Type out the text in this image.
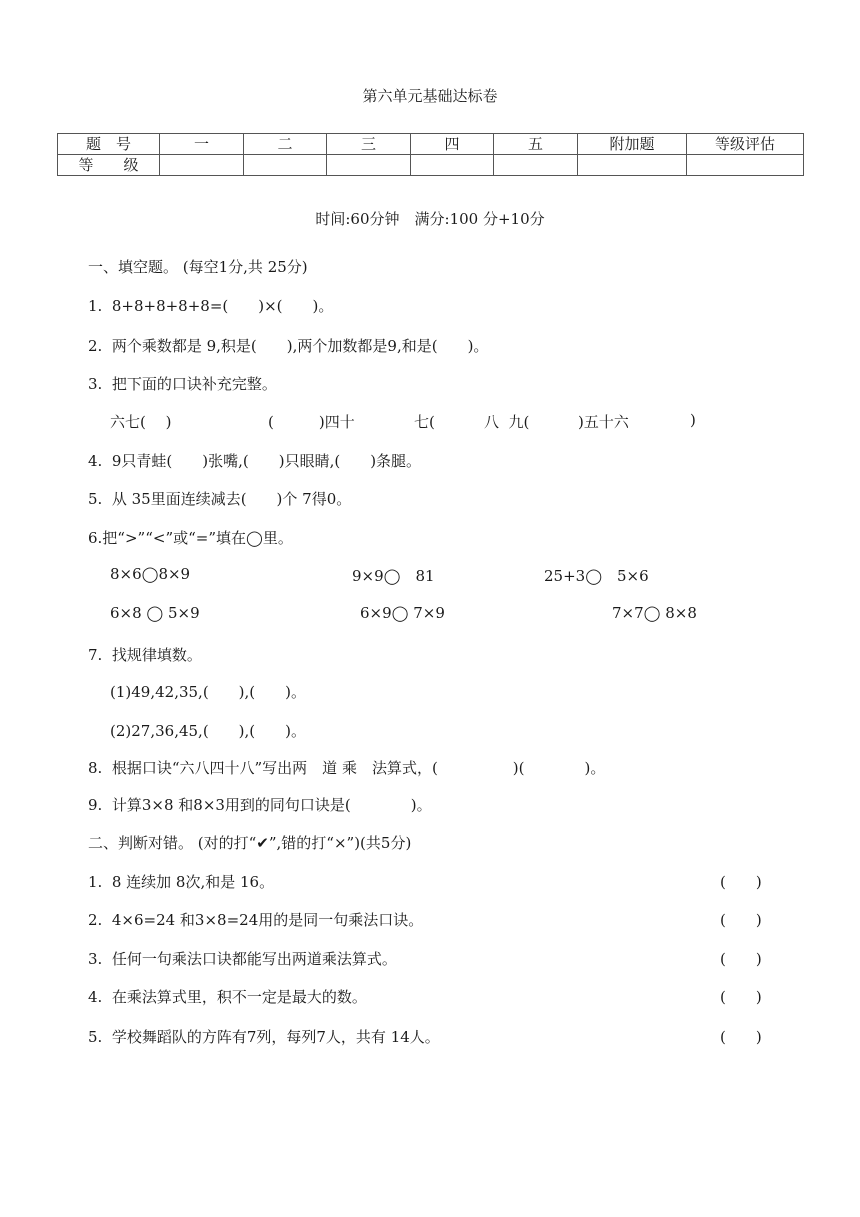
第六单元基础达标卷
题　号	一	二	三	四	五	附加题	等级评估
等　　级							
时间:60分钟　满分:100 分+10分
一、填空题。 (每空1分,共 25分)
1.  8+8+8+8+8=(　　)×(　　)。
2.  两个乘数都是 9,积是(　　),两个加数都是9,和是(　　)。
3.  把下面的口诀补充完整。
六七(　 )	(　　　)四十	七(　　 八  九(　　 )五十六	)
4.  9只青蛙(　　)张嘴,(　　)只眼睛,(　　)条腿。
5.  从 35里面连续减去(　　)个 7得0。
6.把“>”“<”或“=”填在◯里。
8×6◯8×9	9×9◯　81	25+3◯　5×6
6×8 ◯ 5×9	6×9◯ 7×9	7×7◯ 8×8
7.  找规律填数。
(1)49,42,35,(　　),(　　)。
(2)27,36,45,(　　),(　　)。
8.  根据口诀“六八四十八”写出两　道 乘　法算式，(　　　　　)(　　　　)。
9.  计算3×8 和8×3用到的同句口诀是(　　　　)。
二、判断对错。 (对的打“✔”,错的打“×”)(共5分)
1.  8 连续加 8次,和是 16。	(　　)
2.  4×6=24 和3×8=24用的是同一句乘法口诀。	(　　)
3.  任何一句乘法口诀都能写出两道乘法算式。	(　　)
4.  在乘法算式里，积不一定是最大的数。	(　　)
5.  学校舞蹈队的方阵有7列，每列7人，共有 14人。	(　　)
